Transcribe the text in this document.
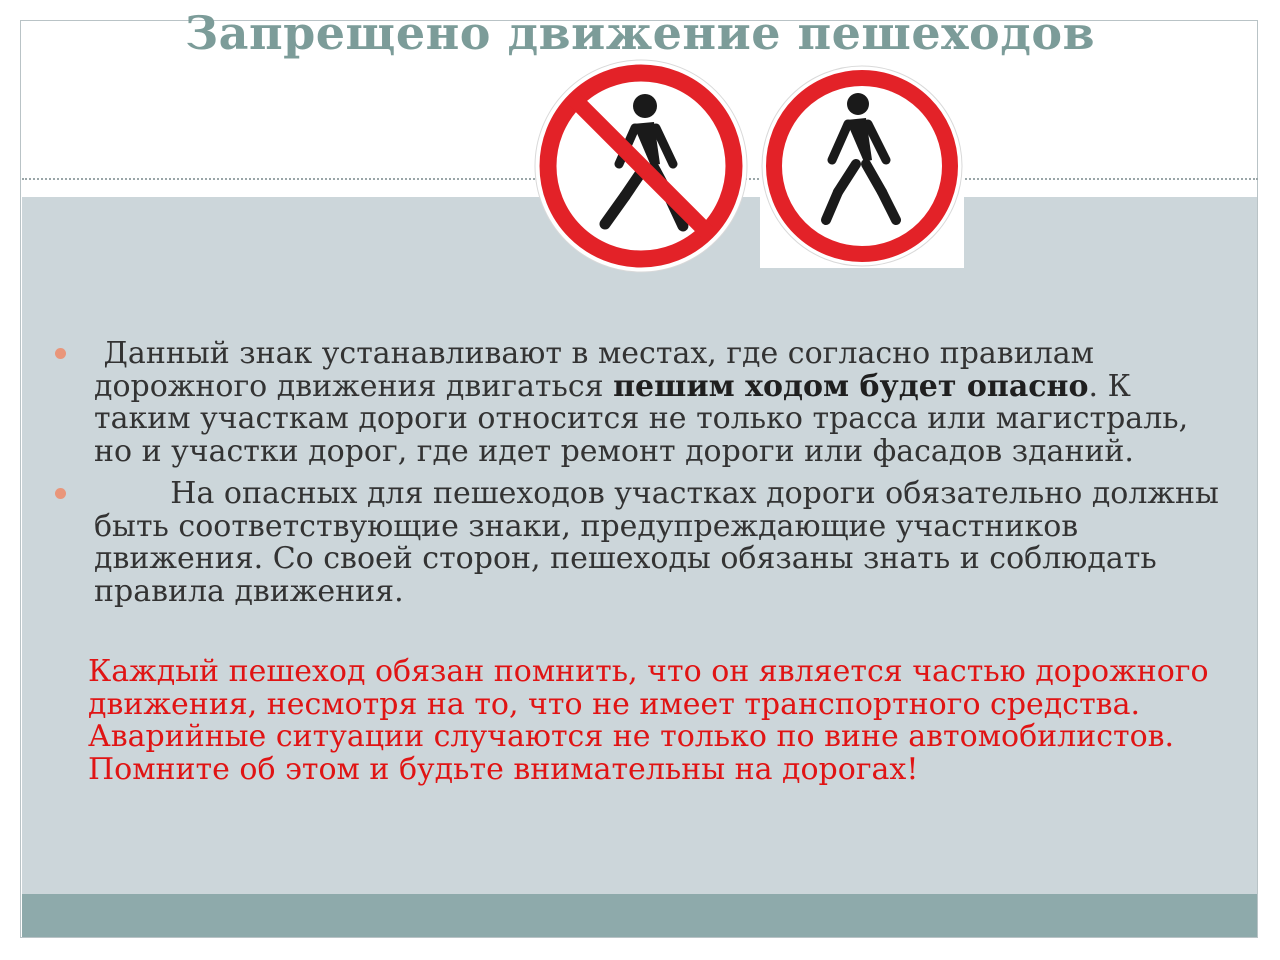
Запрещено движение пешеходов
Данный знак устанавливают в местах, где согласно правилам дорожного движения двигаться пешим ходом будет опасно. К таким участкам дороги относится не только трасса или магистраль, но и участки дорог, где идет ремонт дороги или фасадов зданий.
На опасных для пешеходов участках дороги обязательно должны быть соответствующие знаки, предупреждающие участников движения. Со своей сторон, пешеходы обязаны знать и соблюдать правила движения.
Каждый пешеход обязан помнить, что он является частью дорожного движения, несмотря на то, что не имеет транспортного средства. Аварийные ситуации случаются не только по вине автомобилистов. Помните об этом и будьте внимательны на дорогах!
